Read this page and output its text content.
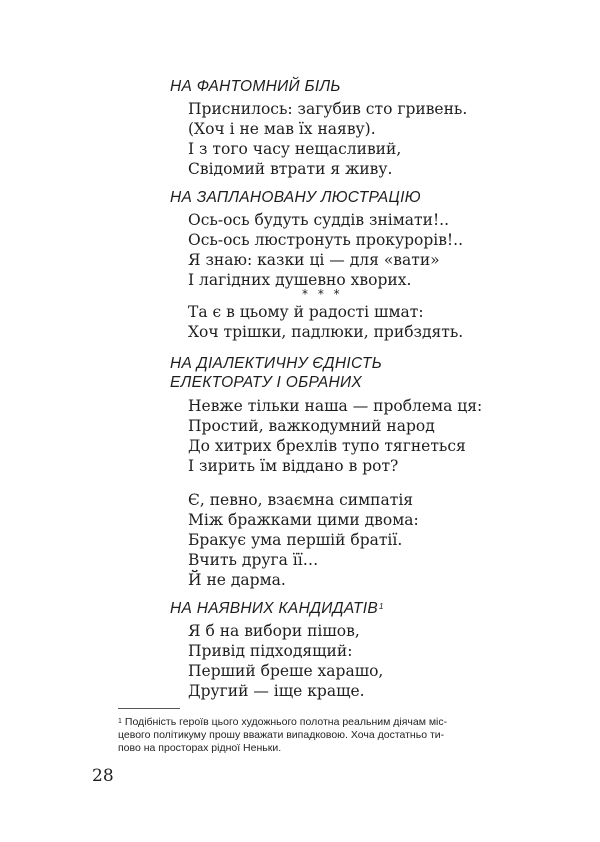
НА ФАНТОМНИЙ БІЛЬ
Приснилось: загубив сто гривень.
(Хоч і не мав їх наяву).
І з того часу нещасливий,
Свідомий втрати я живу.
НА ЗАПЛАНОВАНУ ЛЮСТРАЦІЮ
Ось-ось будуть суддів знімати!..
Ось-ось люстронуть прокурорів!..
Я знаю: казки ці — для «вати»
І лагідних душевно хворих.
* * *
Та є в цьому й радості шмат:
Хоч трішки, падлюки, прибздять.
НА ДІАЛЕКТИЧНУ ЄДНІСТЬ
ЕЛЕКТОРАТУ І ОБРАНИХ
Невже тільки наша — проблема ця:
Простий, важкодумний народ
До хитрих брехлів тупо тягнеться
І зирить їм віддано в рот?
Є, певно, взаємна симпатія
Між бражками цими двома:
Бракує ума першій братії.
Вчить друга її…
Й не дарма.
НА НАЯВНИХ КАНДИДАТІВ$^1$
Я б на вибори пішов,
Привід підходящий:
Перший бреше харашо,
Другий — іще краще.
$^1$ Подібність героїв цього художнього полотна реальним діячам міс-
цевого політикуму прошу вважати випадковою. Хоча достатньо ти-
пово на просторах рідної Неньки.
28
